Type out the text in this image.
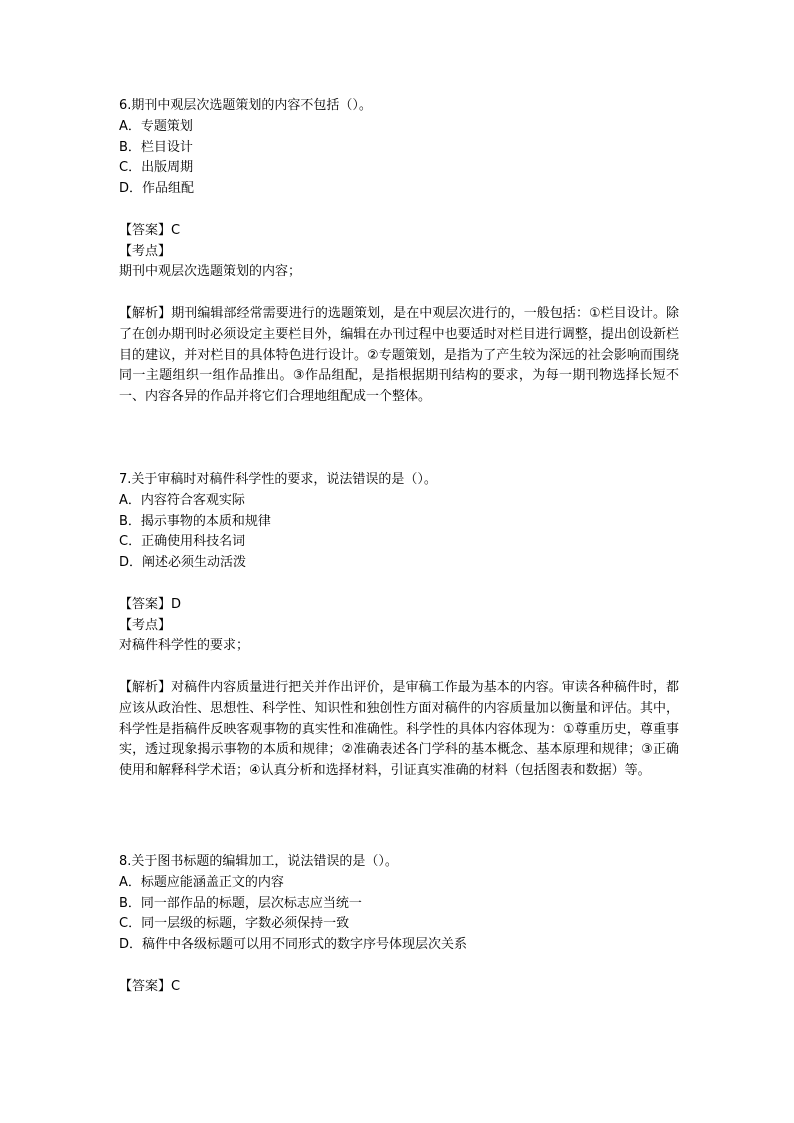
6.期刊中观层次选题策划的内容不包括（）。
A．专题策划
B．栏目设计
C．出版周期
D．作品组配
【答案】C
【考点】
期刊中观层次选题策划的内容；
【解析】期刊编辑部经常需要进行的选题策划，是在中观层次进行的，一般包括：①栏目设计。除了在创办期刊时必须设定主要栏目外，编辑在办刊过程中也要适时对栏目进行调整，提出创设新栏目的建议，并对栏目的具体特色进行设计。②专题策划，是指为了产生较为深远的社会影响而围绕同一主题组织一组作品推出。③作品组配，是指根据期刊结构的要求，为每一期刊物选择长短不一、内容各异的作品并将它们合理地组配成一个整体。
7.关于审稿时对稿件科学性的要求，说法错误的是（）。
A．内容符合客观实际
B．揭示事物的本质和规律
C．正确使用科技名词
D．阐述必须生动活泼
【答案】D
【考点】
对稿件科学性的要求；
【解析】对稿件内容质量进行把关并作出评价，是审稿工作最为基本的内容。审读各种稿件时，都应该从政治性、思想性、科学性、知识性和独创性方面对稿件的内容质量加以衡量和评估。其中，科学性是指稿件反映客观事物的真实性和准确性。科学性的具体内容体现为：①尊重历史，尊重事实，透过现象揭示事物的本质和规律；②准确表述各门学科的基本概念、基本原理和规律；③正确使用和解释科学术语；④认真分析和选择材料，引证真实准确的材料（包括图表和数据）等。
8.关于图书标题的编辑加工，说法错误的是（）。
A．标题应能涵盖正文的内容
B．同一部作品的标题，层次标志应当统一
C．同一层级的标题，字数必须保持一致
D．稿件中各级标题可以用不同形式的数字序号体现层次关系
【答案】C
